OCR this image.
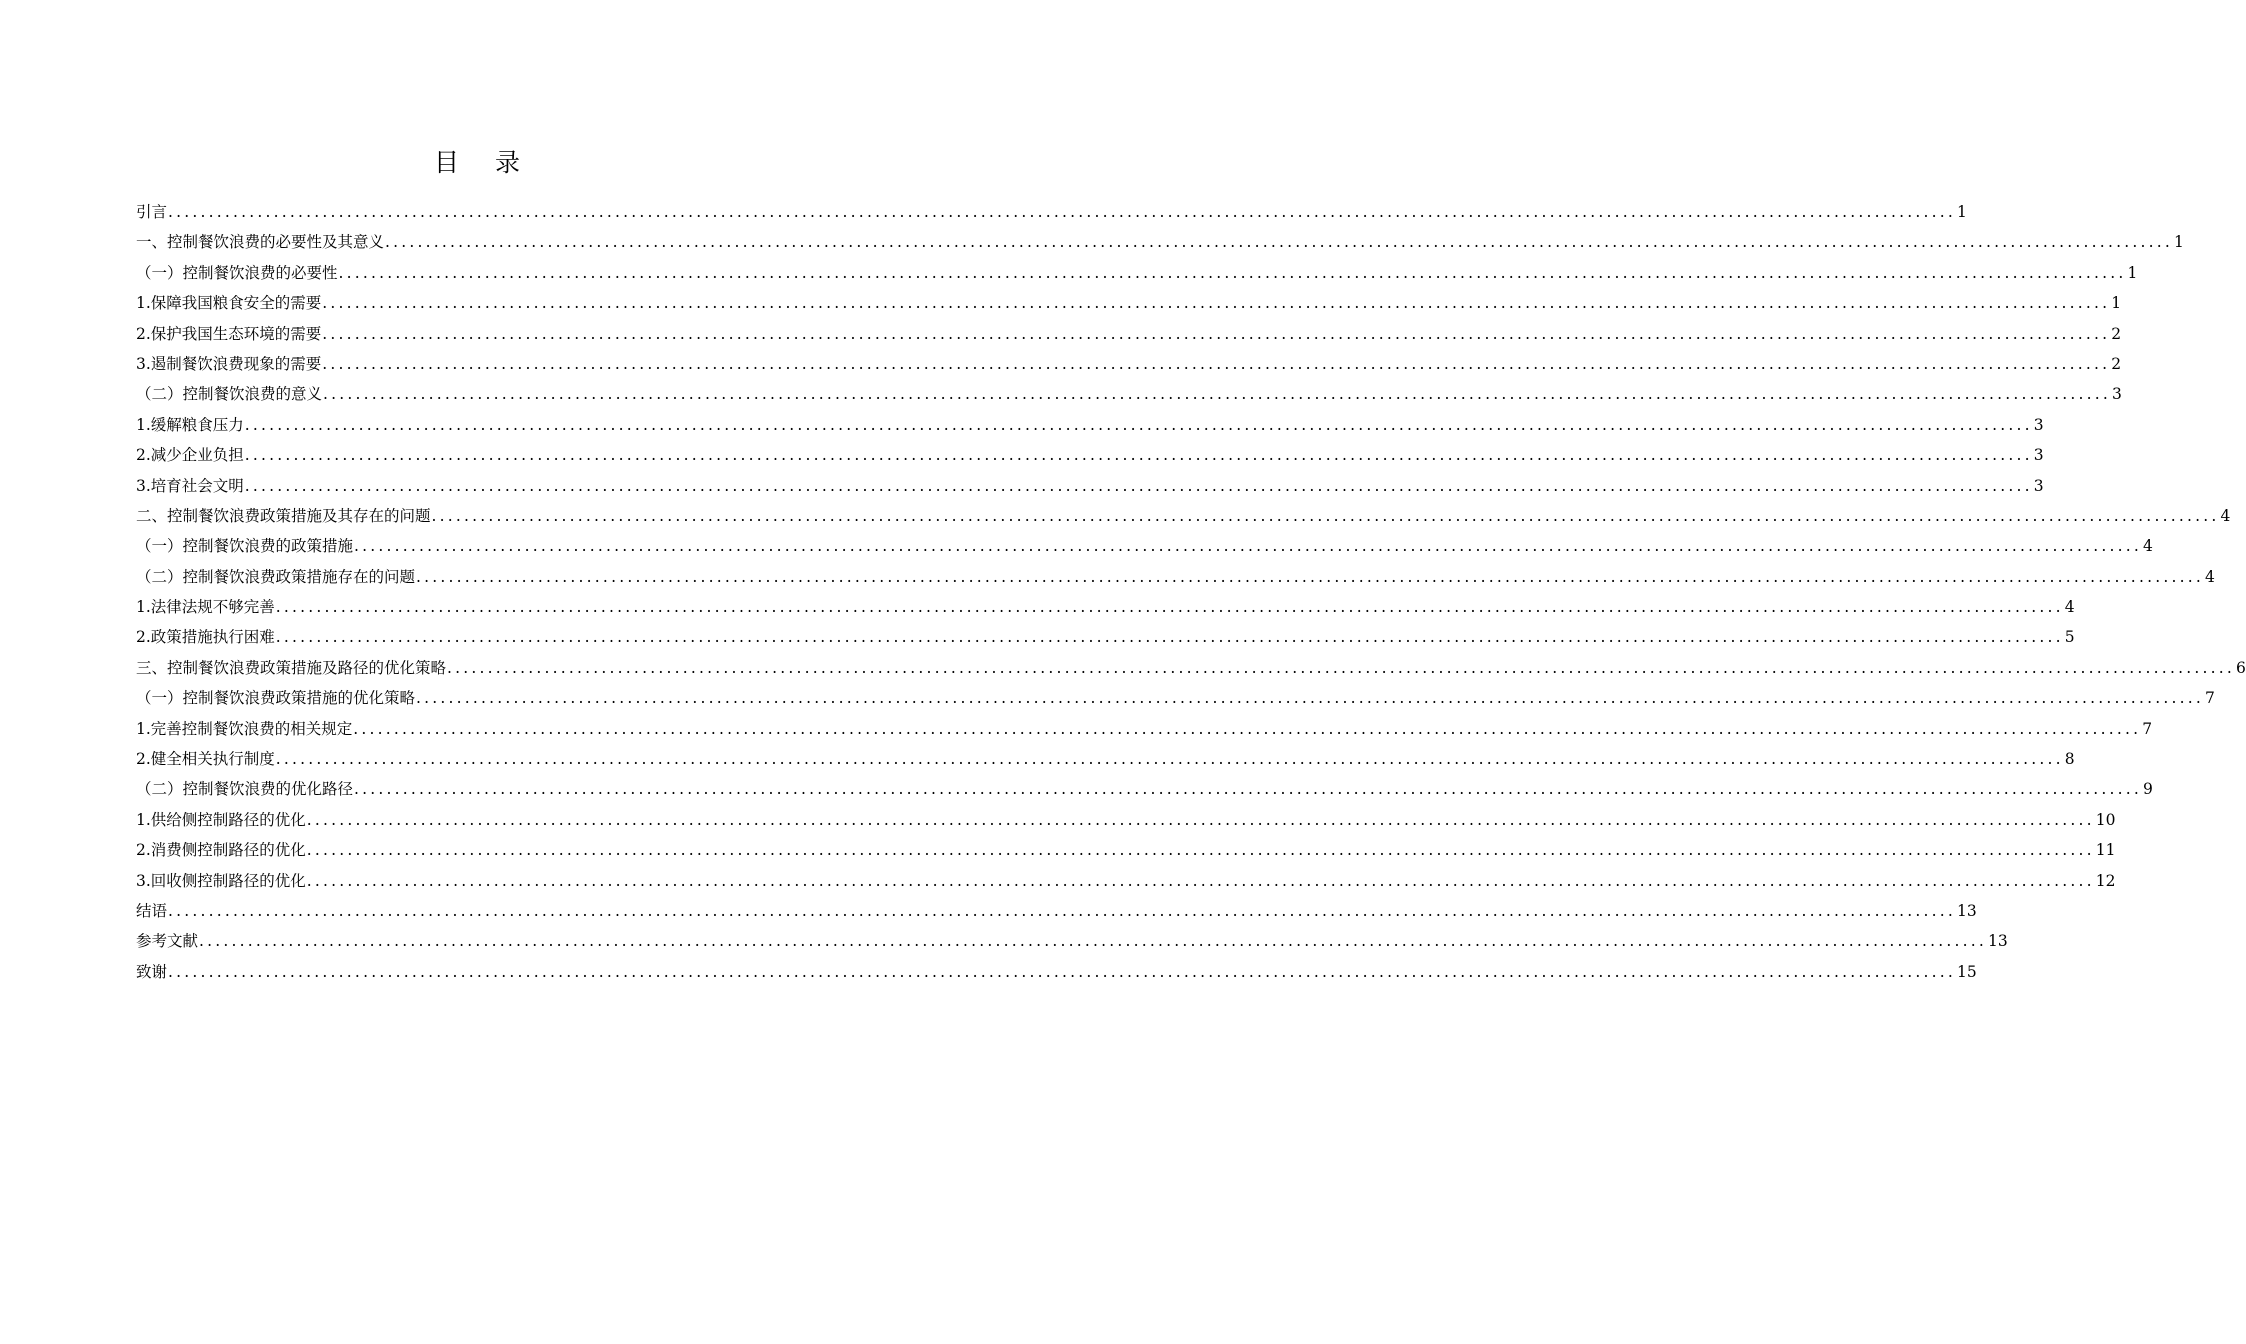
目录
引言 ............................................................................................................................................................................................................................ 1
一、控制餐饮浪费的必要性及其意义 ............................................................................................................................................................................................................................ 1
（一）控制餐饮浪费的必要性 ............................................................................................................................................................................................................................ 1
1.保障我国粮食安全的需要 ............................................................................................................................................................................................................................ 1
2.保护我国生态环境的需要 ............................................................................................................................................................................................................................ 2
3.遏制餐饮浪费现象的需要 ............................................................................................................................................................................................................................ 2
（二）控制餐饮浪费的意义 ............................................................................................................................................................................................................................ 3
1.缓解粮食压力 ............................................................................................................................................................................................................................ 3
2.减少企业负担 ............................................................................................................................................................................................................................ 3
3.培育社会文明 ............................................................................................................................................................................................................................ 3
二、控制餐饮浪费政策措施及其存在的问题 ............................................................................................................................................................................................................................ 4
（一）控制餐饮浪费的政策措施 ............................................................................................................................................................................................................................ 4
（二）控制餐饮浪费政策措施存在的问题 ............................................................................................................................................................................................................................ 4
1.法律法规不够完善 ............................................................................................................................................................................................................................ 4
2.政策措施执行困难 ............................................................................................................................................................................................................................ 5
三、控制餐饮浪费政策措施及路径的优化策略 ............................................................................................................................................................................................................................ 6
（一）控制餐饮浪费政策措施的优化策略 ............................................................................................................................................................................................................................ 7
1.完善控制餐饮浪费的相关规定 ............................................................................................................................................................................................................................ 7
2.健全相关执行制度 ............................................................................................................................................................................................................................ 8
（二）控制餐饮浪费的优化路径 ............................................................................................................................................................................................................................ 9
1.供给侧控制路径的优化 ............................................................................................................................................................................................................................ 10
2.消费侧控制路径的优化 ............................................................................................................................................................................................................................ 11
3.回收侧控制路径的优化 ............................................................................................................................................................................................................................ 12
结语 ............................................................................................................................................................................................................................ 13
参考文献 ............................................................................................................................................................................................................................ 13
致谢 ............................................................................................................................................................................................................................ 15
